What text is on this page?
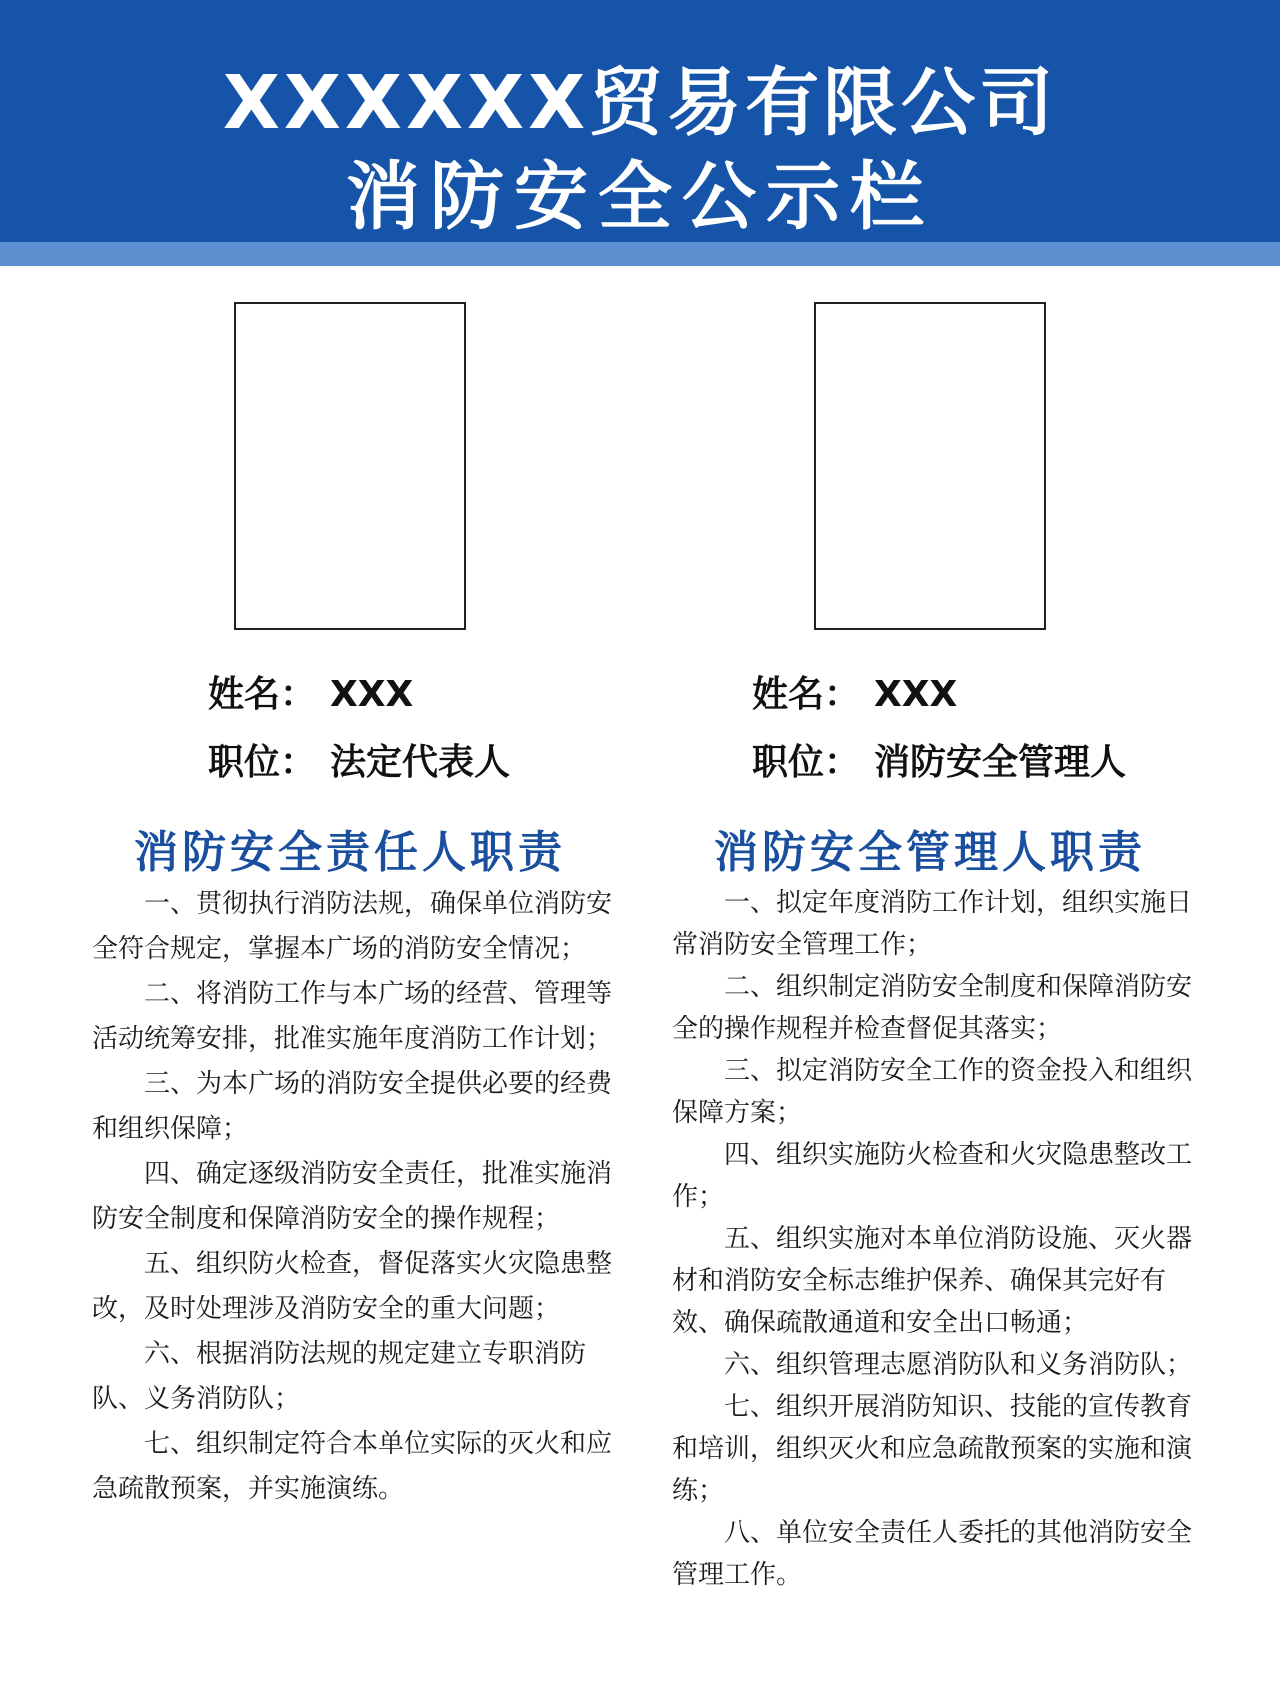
XXXXXX贸易有限公司
消防安全公示栏
姓名： XXX
职位： 法定代表人
姓名： XXX
职位： 消防安全管理人
消防安全责任人职责	消防安全管理人职责
一、贯彻执行消防法规，确保单位消防安全符合规定，掌握本广场的消防安全情况；
二、将消防工作与本广场的经营、管理等活动统筹安排，批准实施年度消防工作计划；
三、为本广场的消防安全提供必要的经费和组织保障；
四、确定逐级消防安全责任，批准实施消防安全制度和保障消防安全的操作规程；
五、组织防火检查，督促落实火灾隐患整改，及时处理涉及消防安全的重大问题；
六、根据消防法规的规定建立专职消防队、义务消防队；
七、组织制定符合本单位实际的灭火和应急疏散预案，并实施演练。
一、拟定年度消防工作计划，组织实施日常消防安全管理工作；
二、组织制定消防安全制度和保障消防安全的操作规程并检查督促其落实；
三、拟定消防安全工作的资金投入和组织保障方案；
四、组织实施防火检查和火灾隐患整改工作；
五、组织实施对本单位消防设施、灭火器材和消防安全标志维护保养、确保其完好有效、确保疏散通道和安全出口畅通；
六、组织管理志愿消防队和义务消防队；
七、组织开展消防知识、技能的宣传教育和培训，组织灭火和应急疏散预案的实施和演练；
八、单位安全责任人委托的其他消防安全管理工作。
